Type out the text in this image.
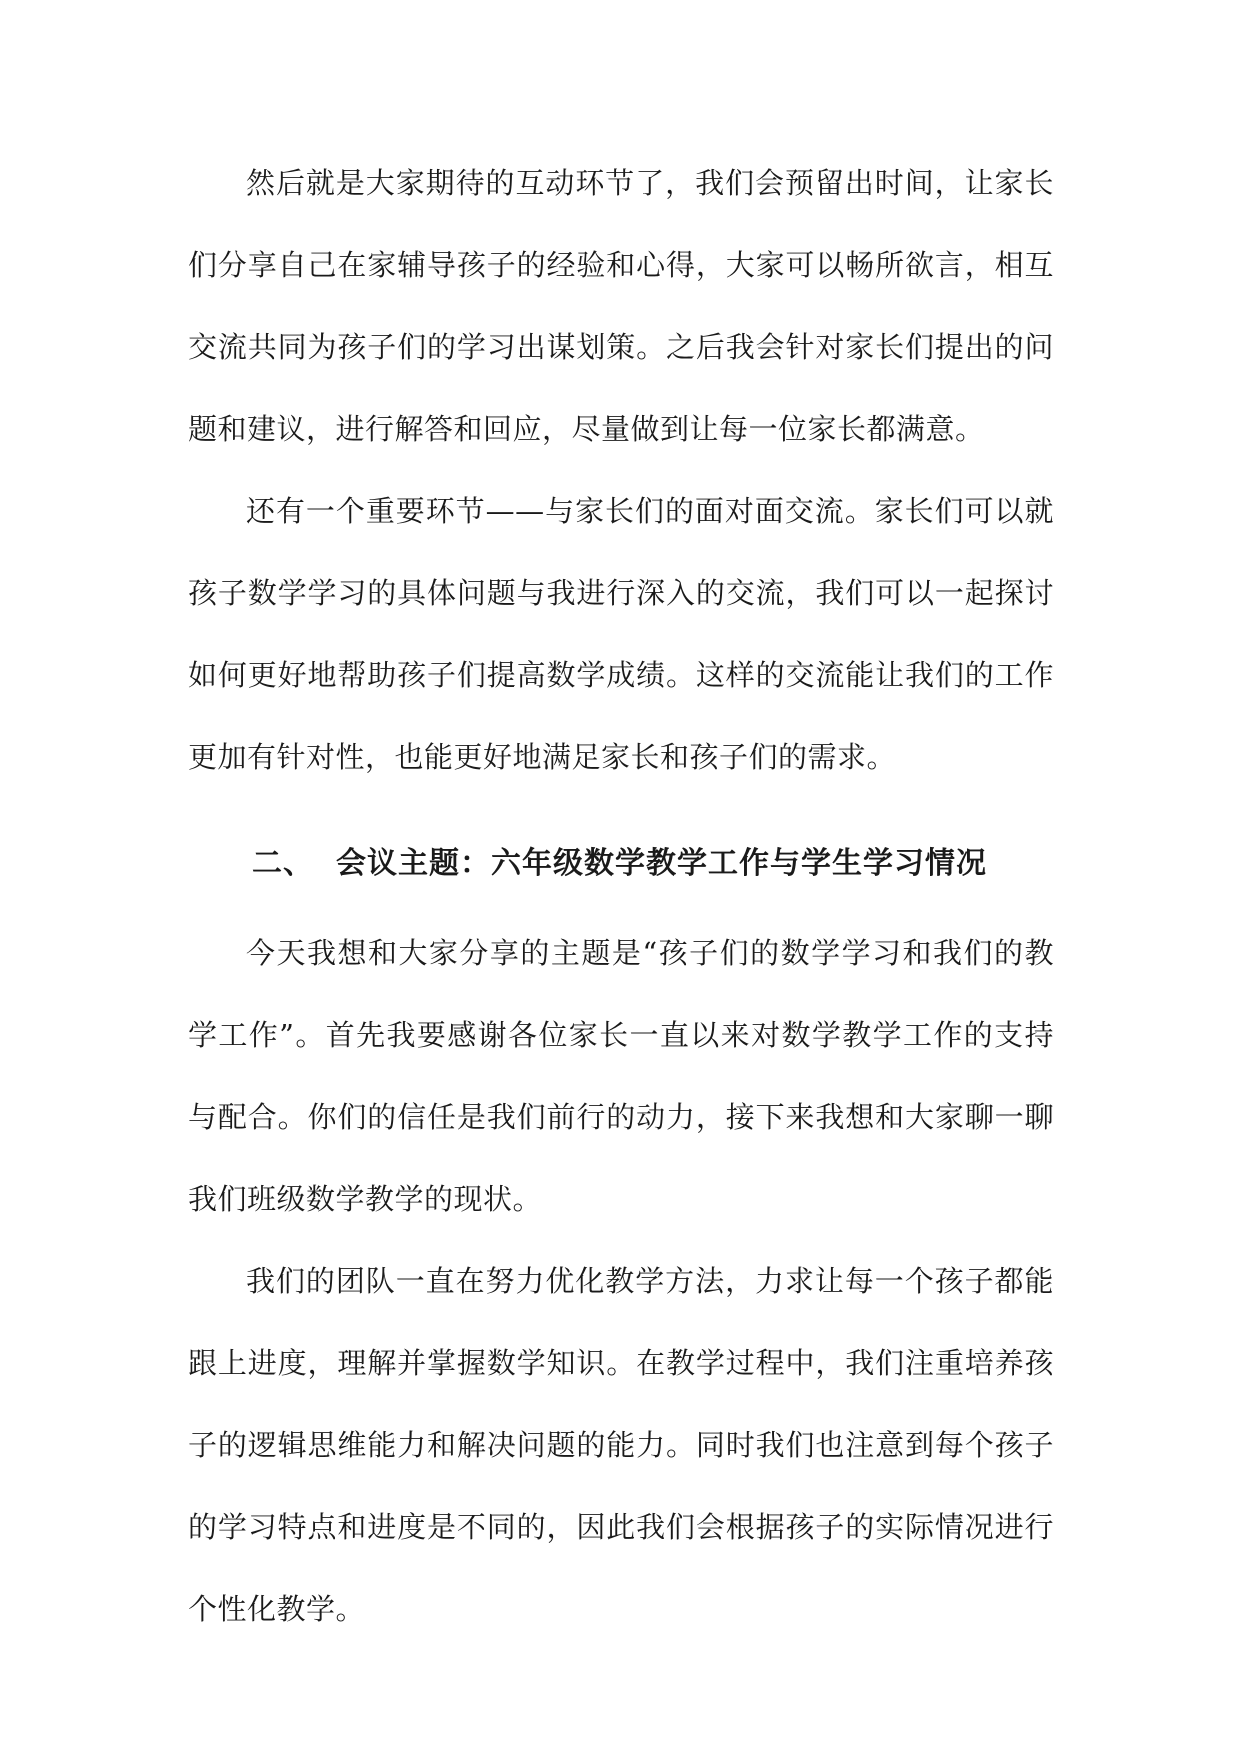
然后就是大家期待的互动环节了，我们会预留出时间，让家长们分享自己在家辅导孩子的经验和心得，大家可以畅所欲言，相互交流共同为孩子们的学习出谋划策。之后我会针对家长们提出的问题和建议，进行解答和回应，尽量做到让每一位家长都满意。

还有一个重要环节——与家长们的面对面交流。家长们可以就孩子数学学习的具体问题与我进行深入的交流，我们可以一起探讨如何更好地帮助孩子们提高数学成绩。这样的交流能让我们的工作更加有针对性，也能更好地满足家长和孩子们的需求。

二、 会议主题：六年级数学教学工作与学生学习情况

今天我想和大家分享的主题是“孩子们的数学学习和我们的教学工作”。首先我要感谢各位家长一直以来对数学教学工作的支持与配合。你们的信任是我们前行的动力，接下来我想和大家聊一聊我们班级数学教学的现状。

我们的团队一直在努力优化教学方法，力求让每一个孩子都能跟上进度，理解并掌握数学知识。在教学过程中，我们注重培养孩子的逻辑思维能力和解决问题的能力。同时我们也注意到每个孩子的学习特点和进度是不同的，因此我们会根据孩子的实际情况进行个性化教学。
